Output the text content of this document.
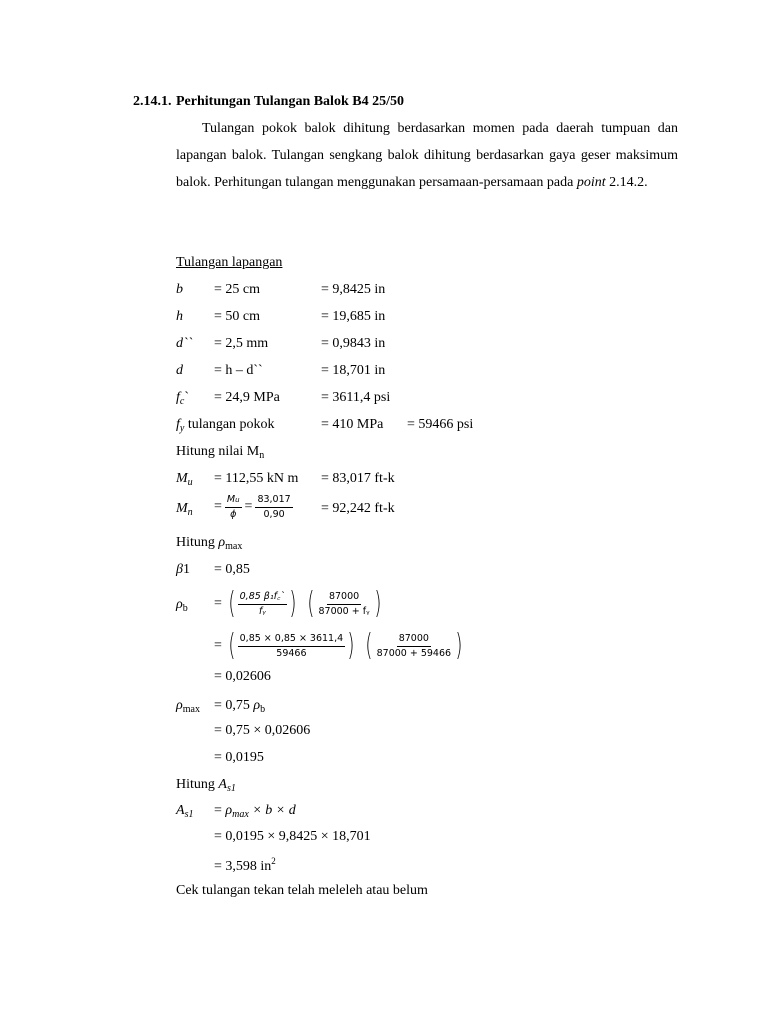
2.14.1. Perhitungan Tulangan Balok B4 25/50
Tulangan pokok balok dihitung berdasarkan momen pada daerah tumpuan dan lapangan balok. Tulangan sengkang balok dihitung berdasarkan gaya geser maksimum balok. Perhitungan tulangan menggunakan persamaan-persamaan pada point 2.14.2.
Tulangan lapangan
b = 25 cm	= 9,8425 in
h = 50 cm	= 19,685 in
d`` = 2,5 mm	= 0,9843 in
d = h – d``	= 18,701 in
$f_c` = 24,9$ MPa	= 3611,4 psi
$f_y$ tulangan pokok	= 410 MPa = 59466 psi
Hitung nilai $M_n$
$M_u = 112,55$ kN m = 83,017 ft-k
$M_n = \frac{Mu}{\phi} = \frac{83,017}{0,90} = 92,242$ ft-k
Hitung $\rho_{max}$
β1 = 0,85
$\rho_b$ = ( $\frac{\text{0,85 β₁f꜀`}}{\text{fᵧ}}$ ) ( $\frac{87000}{\text{87000 + fᵧ}}$ )
= ( $\frac{0,85 \times 0,85 \times 3611,4}{59466}$ ) ( $\frac{87000}{87000 + 59466}$ )
= 0,02606
$\rho_{max} = 0,75$ $\rho_b$
= 0,75 × 0,02606
= 0,0195
Hitung $A_{s1}$
$A_{s1} = \rho_{max} \times b \times d$
= 0,0195 × 9,8425 × 18,701
= 3,598 $in^2$
Cek tulangan tekan telah meleleh atau belum
